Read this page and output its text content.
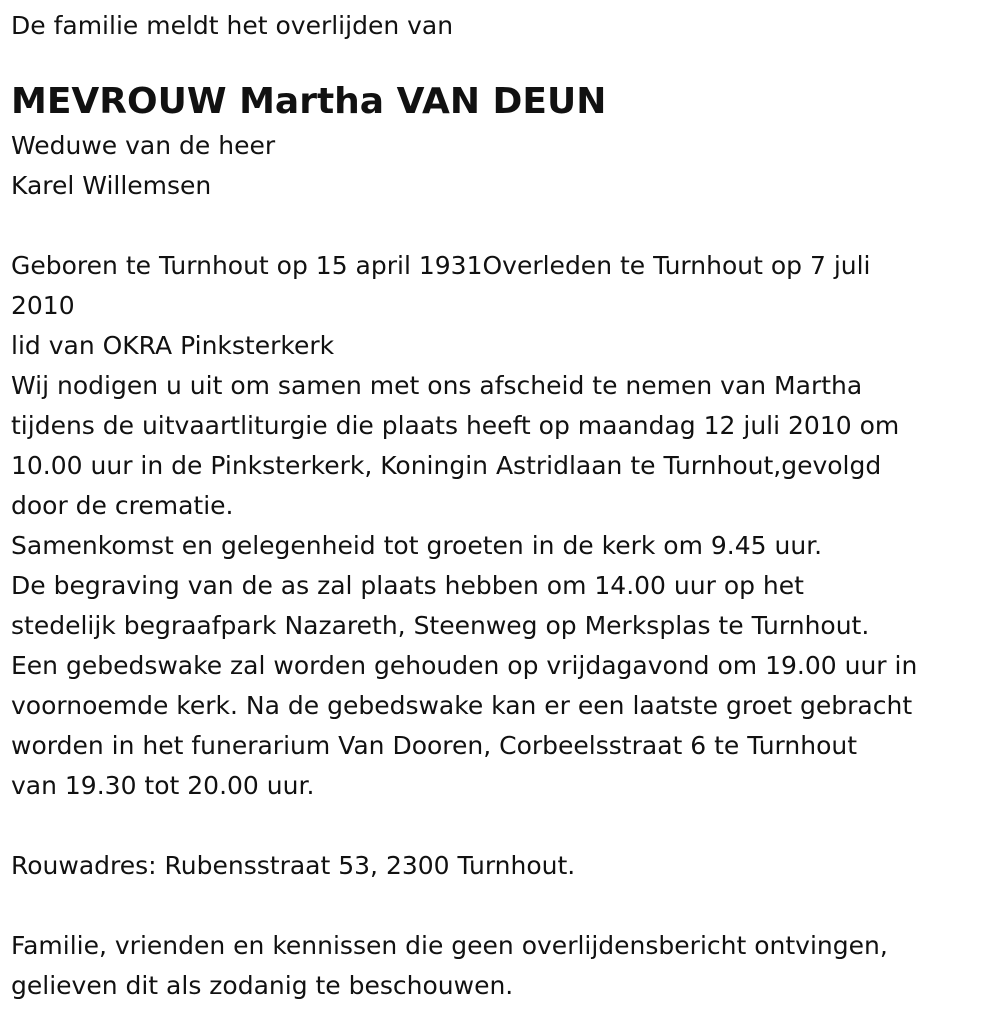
De familie meldt het overlijden van

MEVROUW Martha VAN DEUN

Weduwe van de heer

Karel Willemsen

Geboren te Turnhout op 15 april 1931Overleden te Turnhout op 7 juli

2010

lid van OKRA Pinksterkerk

Wij nodigen u uit om samen met ons afscheid te nemen van Martha

tijdens de uitvaartliturgie die plaats heeft op maandag 12 juli 2010 om

10.00 uur in de Pinksterkerk, Koningin Astridlaan te Turnhout,gevolgd

door de crematie.

Samenkomst en gelegenheid tot groeten in de kerk om 9.45 uur.

De begraving van de as zal plaats hebben om 14.00 uur op het

stedelijk begraafpark Nazareth, Steenweg op Merksplas te Turnhout.

Een gebedswake zal worden gehouden op vrijdagavond om 19.00 uur in

voornoemde kerk. Na de gebedswake kan er een laatste groet gebracht

worden in het funerarium Van Dooren, Corbeelsstraat 6 te Turnhout

van 19.30 tot 20.00 uur.

Rouwadres: Rubensstraat 53, 2300 Turnhout.

Familie, vrienden en kennissen die geen overlijdensbericht ontvingen,

gelieven dit als zodanig te beschouwen.
